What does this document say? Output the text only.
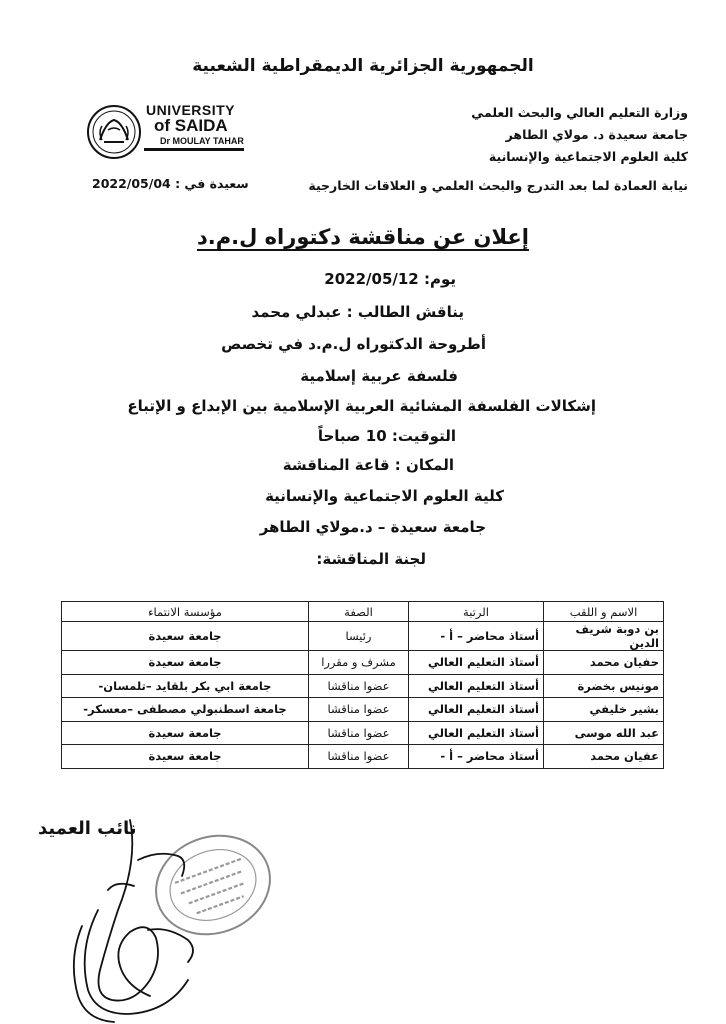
الجمهورية الجزائرية الديمقراطية الشعبية
وزارة التعليم العالي والبحث العلمي
جامعة سعيدة د. مولاي الطاهر
كلية العلوم الاجتماعية والإنسانية
UNIVERSITY
of SAIDA
Dr MOULAY TAHAR
سعيدة في : 2022/05/04	نيابة العمادة لما بعد التدرج والبحث العلمي و العلاقات الخارجية
إعلان عن مناقشة دكتوراه ل.م.د
يوم: 2022/05/12
يناقش الطالب : عبدلي محمد
أطروحة الدكتوراه ل.م.د في تخصص
فلسفة عربية إسلامية
إشكالات الفلسفة المشائية العربية الإسلامية بين الإبداع و الإتباع
التوقيت: 10 صباحاً
المكان : قاعة المناقشة
كلية العلوم الاجتماعية والإنسانية
جامعة سعيدة – د.مولاي الطاهر
لجنة المناقشة:
الاسم و اللقب	الرتبة	الصفة	مؤسسة الانتماء
بن دوبة شريف الدين	أستاذ محاضر – أ -	رئيسا	جامعة سعيدة
حفيان محمد	أستاذ التعليم العالي	مشرف و مقررا	جامعة سعيدة
مونيس بخضرة	أستاذ التعليم العالي	عضوا مناقشا	جامعة ابي بكر بلقايد –تلمسان-
بشير خليفي	أستاذ التعليم العالي	عضوا مناقشا	جامعة اسطنبولي مصطفى –معسكر-
عبد الله موسى	أستاذ التعليم العالي	عضوا مناقشا	جامعة سعيدة
عفيان محمد	أستاذ محاضر – أ -	عضوا مناقشا	جامعة سعيدة
نائب العميد
